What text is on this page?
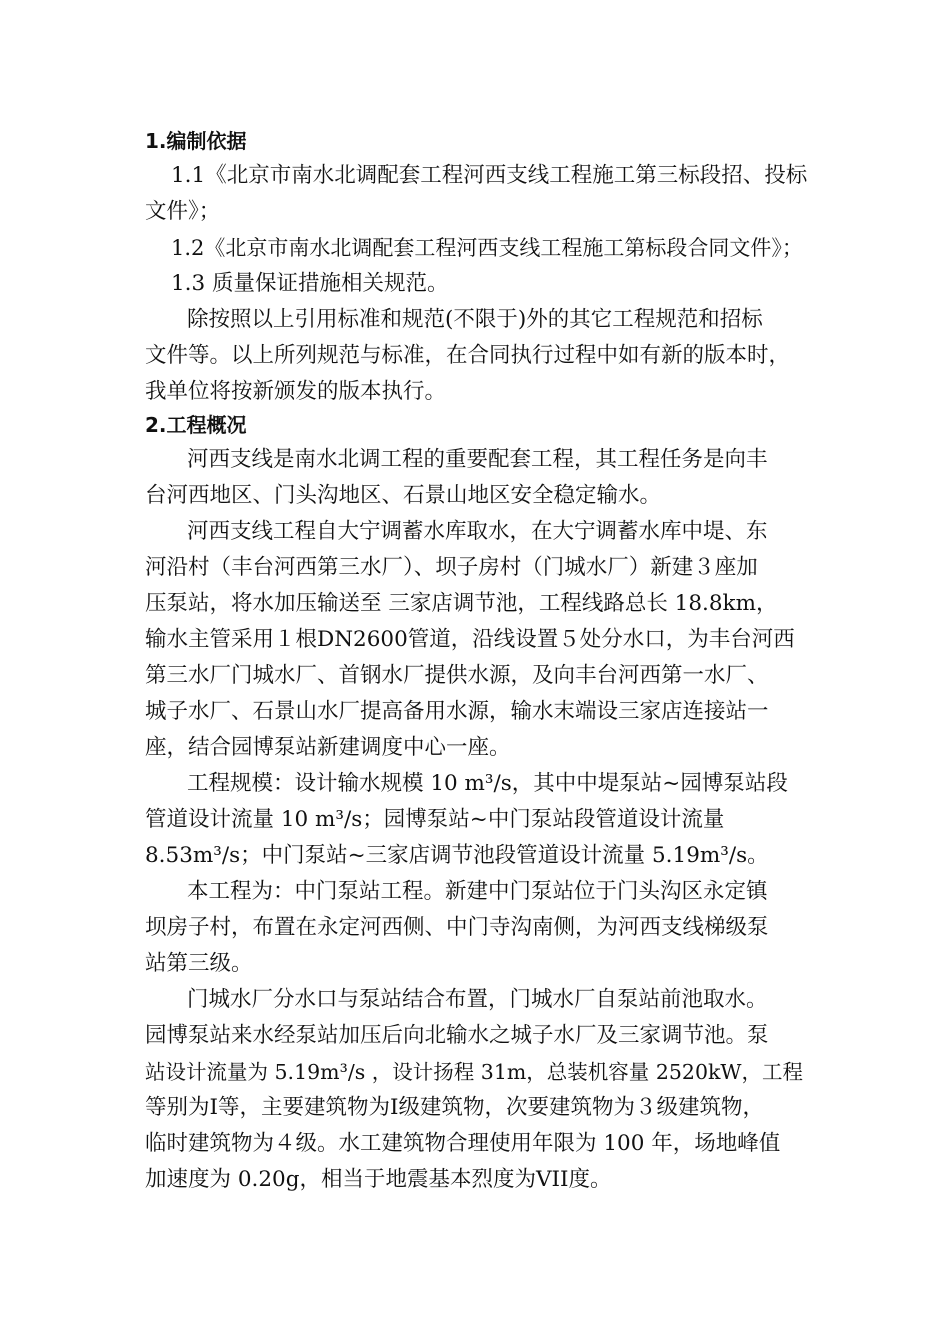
1.编制依据
1.1《北京市南水北调配套工程河西支线工程施工第三标段招、投标
文件》；
1.2《北京市南水北调配套工程河西支线工程施工第标段合同文件》；
1.3 质量保证措施相关规范。
除按照以上引用标准和规范(不限于)外的其它工程规范和招标
文件等。以上所列规范与标准，在合同执行过程中如有新的版本时，
我单位将按新颁发的版本执行。
2.工程概况
河西支线是南水北调工程的重要配套工程，其工程任务是向丰
台河西地区、门头沟地区、石景山地区安全稳定输水。
河西支线工程自大宁调蓄水库取水，在大宁调蓄水库中堤、东
河沿村（丰台河西第三水厂）、坝子房村（门城水厂）新建３座加
压泵站，将水加压输送至 三家店调节池，工程线路总长 18.8km，
输水主管采用１根DN2600管道，沿线设置５处分水口，为丰台河西
第三水厂门城水厂、首钢水厂提供水源，及向丰台河西第一水厂、
城子水厂、石景山水厂提高备用水源，输水末端设三家店连接站一
座，结合园博泵站新建调度中心一座。
工程规模：设计输水规模 10 m³/s，其中中堤泵站~园博泵站段
管道设计流量 10 m³/s；园博泵站~中门泵站段管道设计流量
8.53m³/s；中门泵站~三家店调节池段管道设计流量 5.19m³/s。
本工程为：中门泵站工程。新建中门泵站位于门头沟区永定镇
坝房子村，布置在永定河西侧、中门寺沟南侧，为河西支线梯级泵
站第三级。
门城水厂分水口与泵站结合布置，门城水厂自泵站前池取水。
园博泵站来水经泵站加压后向北输水之城子水厂及三家调节池。泵
站设计流量为 5.19m³/s ，设计扬程 31m，总装机容量 2520kW，工程
等别为I等，主要建筑物为I级建筑物，次要建筑物为３级建筑物，
临时建筑物为４级。水工建筑物合理使用年限为 100 年，场地峰值
加速度为 0.20g，相当于地震基本烈度为VII度。
